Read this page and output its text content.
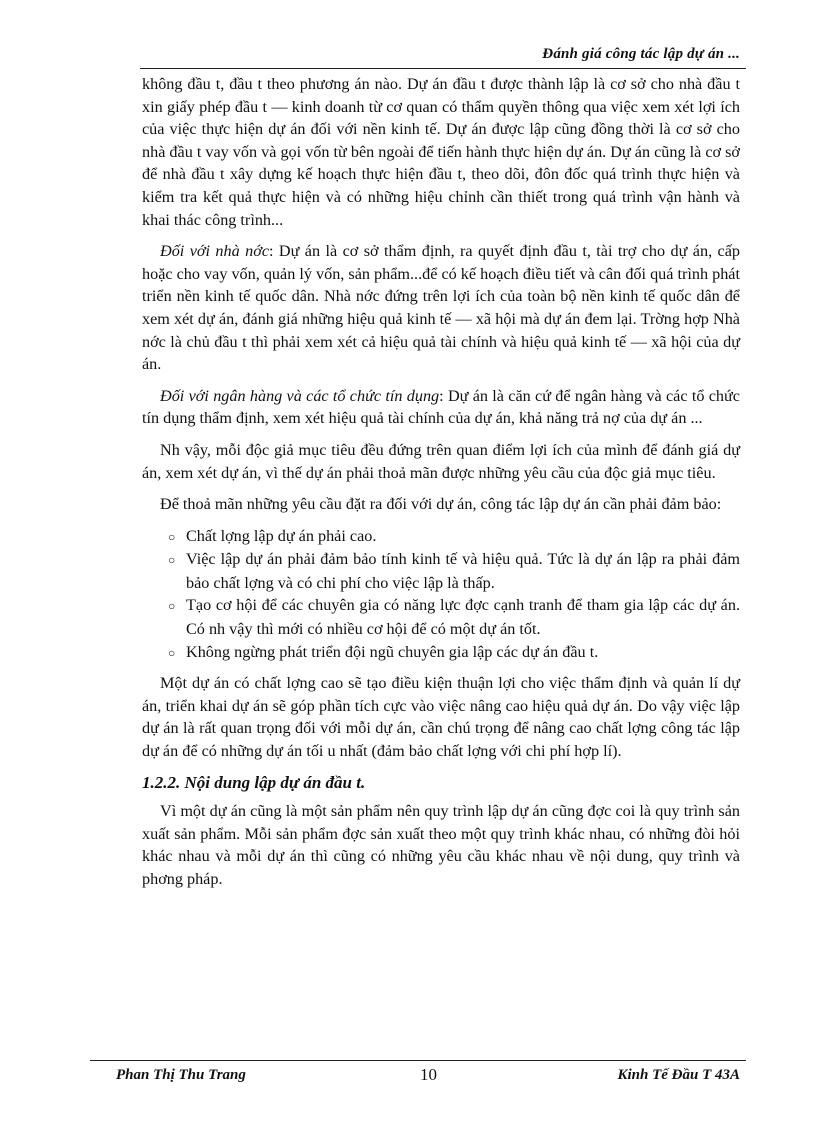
Đánh giá công tác lập dự án ...

không đầu t, đầu t theo phương án nào. Dự án đầu t được thành lập là cơ sở cho nhà đầu t xin giấy phép đầu t — kinh doanh từ cơ quan có thẩm quyền thông qua việc xem xét lợi ích của việc thực hiện dự án đối với nền kinh tế. Dự án được lập cũng đồng thời là cơ sở cho nhà đầu t vay vốn và gọi vốn từ bên ngoài để tiến hành thực hiện dự án. Dự án cũng là cơ sở để nhà đầu t xây dựng kế hoạch thực hiện đầu t, theo dõi, đôn đốc quá trình thực hiện và kiểm tra kết quả thực hiện và có những hiệu chỉnh cần thiết trong quá trình vận hành và khai thác công trình...

Đối với nhà nớc: Dự án là cơ sở thẩm định, ra quyết định đầu t, tài trợ cho dự án, cấp hoặc cho vay vốn, quản lý vốn, sản phẩm...để có kế hoạch điều tiết và cân đối quá trình phát triển nền kinh tế quốc dân. Nhà nớc đứng trên lợi ích của toàn bộ nền kinh tế quốc dân để xem xét dự án, đánh giá những hiệu quả kinh tế — xã hội mà dự án đem lại. Trờng hợp Nhà nớc là chủ đầu t thì phải xem xét cả hiệu quả tài chính và hiệu quả kinh tế — xã hội của dự án.

Đối với ngân hàng và các tổ chức tín dụng: Dự án là căn cứ để ngân hàng và các tổ chức tín dụng thẩm định, xem xét hiệu quả tài chính của dự án, khả năng trả nợ của dự án ...

Nh vậy, mỗi độc giả mục tiêu đều đứng trên quan điểm lợi ích của mình để đánh giá dự án, xem xét dự án, vì thế dự án phải thoả mãn được những yêu cầu của độc giả mục tiêu.

Để thoả mãn những yêu cầu đặt ra đối với dự án, công tác lập dự án cần phải đảm bảo:

○ Chất lợng lập dự án phải cao.
○ Việc lập dự án phải đảm bảo tính kinh tế và hiệu quả. Tức là dự án lập ra phải đảm bảo chất lợng và có chi phí cho việc lập là thấp.
○ Tạo cơ hội để các chuyên gia có năng lực đợc cạnh tranh để tham gia lập các dự án. Có nh vậy thì mới có nhiều cơ hội để có một dự án tốt.
○ Không ngừng phát triển đội ngũ chuyên gia lập các dự án đầu t.

Một dự án có chất lợng cao sẽ tạo điều kiện thuận lợi cho việc thẩm định và quản lí dự án, triển khai dự án sẽ góp phần tích cực vào việc nâng cao hiệu quả dự án. Do vậy việc lập dự án là rất quan trọng đối với mỗi dự án, cần chú trọng để nâng cao chất lợng công tác lập dự án để có những dự án tối u nhất (đảm bảo chất lợng với chi phí hợp lí).

1.2.2. Nội dung lập dự án đầu t.

Vì một dự án cũng là một sản phẩm nên quy trình lập dự án cũng đợc coi là quy trình sản xuất sản phẩm. Mỗi sản phẩm đợc sản xuất theo một quy trình khác nhau, có những đòi hỏi khác nhau và mỗi dự án thì cũng có những yêu cầu khác nhau về nội dung, quy trình và phơng pháp.

Phan Thị Thu Trang	10	Kinh Tế Đầu T 43A
